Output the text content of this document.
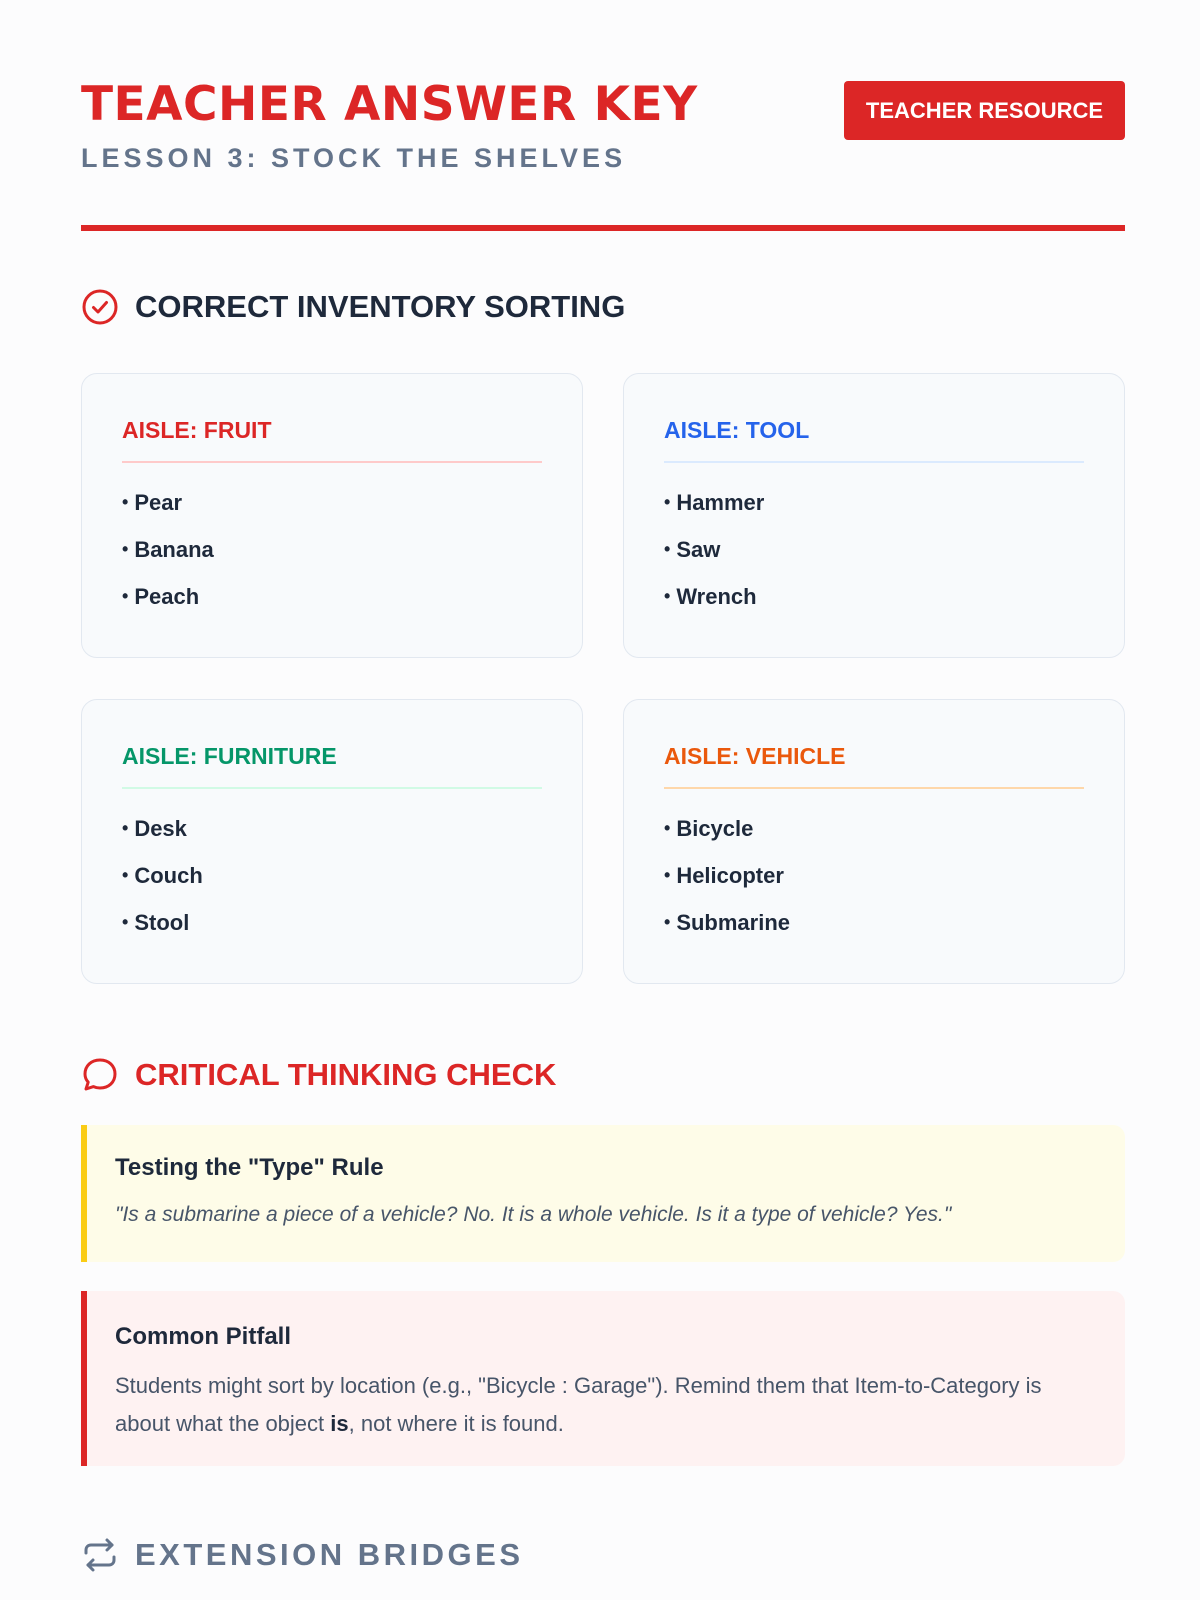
TEACHER ANSWER KEY
LESSON 3: STOCK THE SHELVES
TEACHER RESOURCE
CORRECT INVENTORY SORTING
AISLE: FRUIT
• Pear
• Banana
• Peach
AISLE: TOOL
• Hammer
• Saw
• Wrench
AISLE: FURNITURE
• Desk
• Couch
• Stool
AISLE: VEHICLE
• Bicycle
• Helicopter
• Submarine
CRITICAL THINKING CHECK
Testing the "Type" Rule
"Is a submarine a piece of a vehicle? No. It is a whole vehicle. Is it a type of vehicle? Yes."
Common Pitfall
Students might sort by location (e.g., "Bicycle : Garage"). Remind them that Item-to-Category is about what the object is, not where it is found.
EXTENSION BRIDGES
